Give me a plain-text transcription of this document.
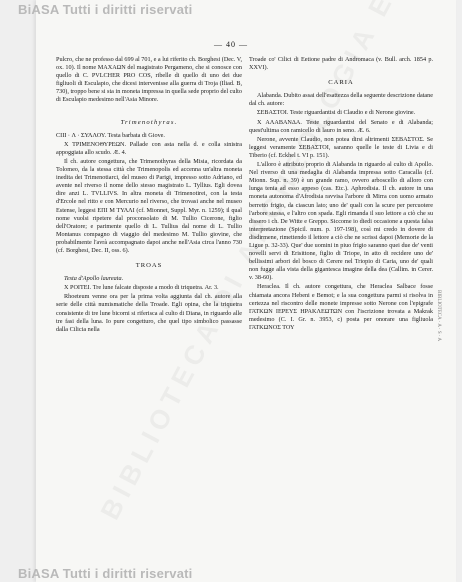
BiASA Tutti i diritti riservati
— 40 —

Pulcro, che ne professo dal 699 al 701, e a lui riferito ch. Borghesi (Dec. V, ox. 10). Il nome MAXAΩN del magistrato Pergameno, che si conosce con quello di C. PVLCHER PRO COS, ribelle di quello di uno dei due figliuoli di Esculapio, che dicesi intervenisse alla guerra di Troja (Iliad. B, 730), troppo bene si sta in moneta impressa in quella sede proprio del culto di Esculapio medesimo nell'Asia Minore.

Trimenothyras.

CIII · Λ · ΣΥΛΛΟΥ. Testa barbata di Giove.

Χ ΤΡΙΜΕΝΟΘΥΡΕΩΝ. Pallade con asta nella d. e colla sinistra appoggiata allo scudo. Æ. 4.

Il ch. autore congettura, che Trimenothyras della Misia, ricordata da Tolomeo, da la stessa città che Trimenopolis ed accenna un'altra moneta inedita dei Trimenotiarci, del museo di Parigi, impresso sotto Adriano, ed avente nel riverso il nome dello stesso magistrato L. Tyllius. Egli dovea dire anzi L. TVLLIVS. In altra moneta di Trimenotirei, con la testa d'Ercole nel ritto e con Mercurio nel riverso, che trovasi anche nel museo Estense, leggesi ΕΠΙ Μ ΤΥΛΛΙ (cf. Mionnet, Suppl. Myr. n. 1259); il qual nome vuolsi ripetere dal proconsolato di M. Tullio Cicerone, figlio dell'Oratore; e parimente quello di L. Tullius dal nome di L. Tullio Montanus compagno di viaggio del medesimo M. Tullio giovine, che probabilmente l'avrà accompagnato dapoi anche nell'Asia circa l'anno 730 (cf. Borghesi, Dec. II, oss. 6).

TROAS

Testa d'Apollo laureata.

Χ ΡΟΙΤΕΙ. Tre lune falcate disposte a modo di triquetra. Ar. 3.

Rhoeteum venne ora per la prima volta aggiunta dal ch. autore alla serie delle città numismatiche della Troade. Egli opina, che la triquetra consistente di tre lune bicorni si riferisca al culto di Diana, in riguardo alle tre fasi della luna. Io pure congetturo, che quel tipo simbolico passasse dalla Cilicia nella

Troade co' Cilici di Eetione padre di Andromaca (v. Bull. arch. 1854 p. XXVI).

CARIA

Alabanda. Dubito assai dell'esattezza della seguente descrizione datane dal ch. autore:

ΣΕΒΑΣΤΟΙ. Teste riguardantisi di Claudio e di Nerone giovine.

Χ ΑΛΑΒΑΝΔΑ. Teste riguardantisi del Senato e di Alabanda; quest'ultima con ramicello di lauro in seno. Æ. 6.

Nerone, avvente Claudio, non potea dirsi altrimenti ΣΕΒΑΣΤΟΣ. Se leggesi veramente ΣΕΒΑΣΤΟΙ, saranno quelle le teste di Livia e di Tiberio (cf. Eckhel t. VI p. 151).

L'alloro è attributo proprio di Alabanda in riguardo al culto di Apollo. Nel riverso di una medaglia di Alabanda impressa sotto Caracalla (cf. Mionn. Sup. n. 39) è un grande ramo, ovvero arboscello di alloro con lunga tenia ad esso appeso (cas. Etc.). Aphrodisia. Il ch. autore in una moneta autonoma d'Afrodisia ravvisa l'arbore di Mirra con uomo armato berretto frigio, da ciascun lato; uno de' quali con la scure per percuotere l'arbore stessa, e l'altro con spada. Egli rimanda il suo lettore a ciò che su dissero i ch. De Witte e Greppo. Siccome io diedi occasione a questa falsa interpretazione (Spicil. num. p. 197-198), così mi credo in dovere di disdirmene, rimettendo il lettore a ciò che ne scrissi dapoi (Memorie de la Ligue p. 32-33). Que' due uomini in piuo frigio saranno quei due de' venti novelli servi di Erisittone, figlio di Triope, in atto di recidere uno de' bellissimi arbori del bosco di Cerere nel Triopio di Caria, uno de' quali non fugge alla vista della gigantesca imagine della dea (Callim. in Cerer. v. 38-60).

Heraclea. Il ch. autore congettura, che Heraclea Salbace fosse chiamata ancora Hebeni e Bemot; e la sua congettura parmi si risolva in certezza nel riscontro delle monete impresse sotto Nerone con l'epigrafe ΓΑΤΚΩΝ ΙΕΡΕΥΣ ΗΡΑΚΛΕΩΤΩΝ con l'iscrizione trovata a Makrak medesimo (C. I. Gr. n. 3953, c) posta per onorare una figliuola ΓΑΤΚΩΝΟΣ ΤΟΥ	BIBLIOTECA · A · S · A
BiASA Tutti i diritti riservati
